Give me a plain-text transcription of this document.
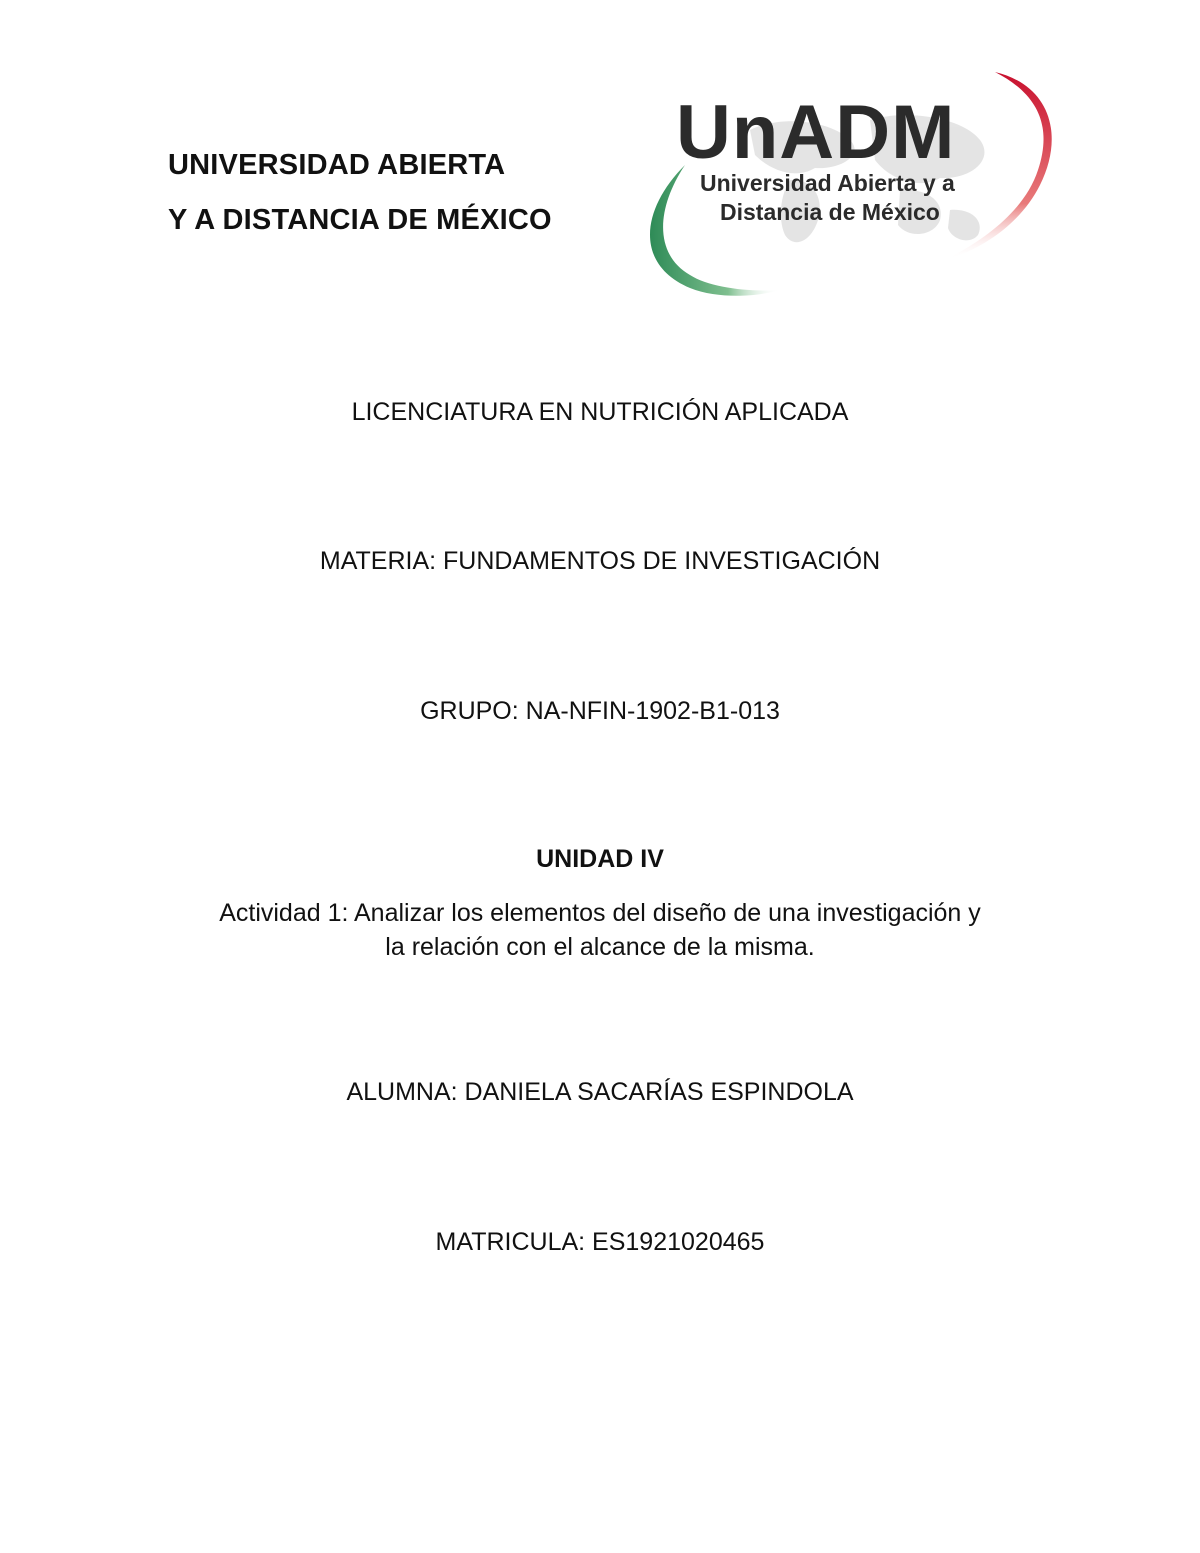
UNIVERSIDAD ABIERTA
Y A DISTANCIA DE MÉXICO
UnADM
Universidad Abierta y a
Distancia de México
LICENCIATURA EN NUTRICIÓN APLICADA
MATERIA: FUNDAMENTOS DE INVESTIGACIÓN
GRUPO: NA-NFIN-1902-B1-013
UNIDAD IV
Actividad 1: Analizar los elementos del diseño de una investigación y
la relación con el alcance de la misma.
ALUMNA: DANIELA SACARÍAS ESPINDOLA
MATRICULA: ES1921020465
